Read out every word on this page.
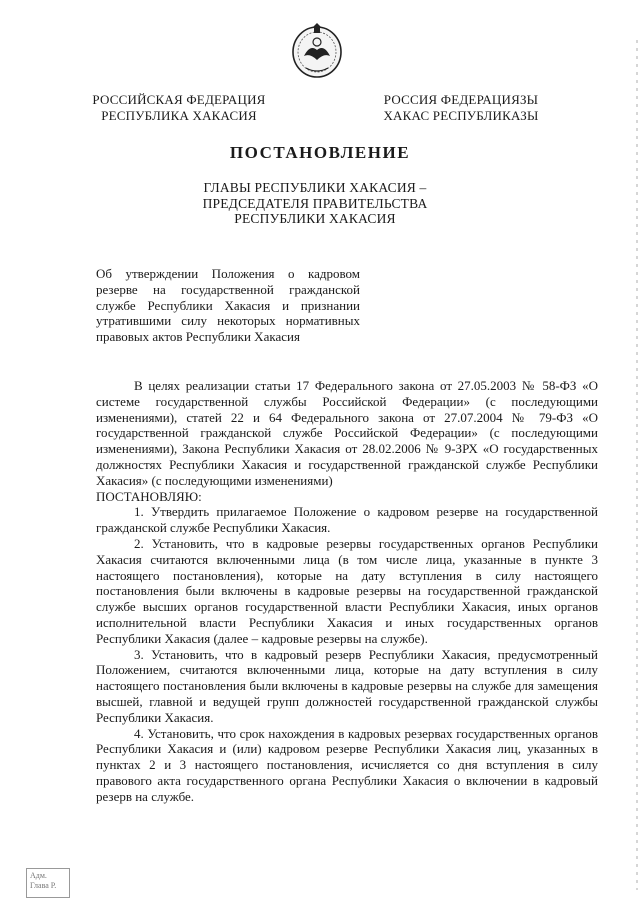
РОССИЙСКАЯ ФЕДЕРАЦИЯ
РЕСПУБЛИКА ХАКАСИЯ
РОССИЯ ФЕДЕРАЦИЯЗЫ
ХАКАС РЕСПУБЛИКАЗЫ
ПОСТАНОВЛЕНИЕ
ГЛАВЫ РЕСПУБЛИКИ ХАКАСИЯ –
ПРЕДСЕДАТЕЛЯ ПРАВИТЕЛЬСТВА
РЕСПУБЛИКИ ХАКАСИЯ
Об утверждении Положения о кадровом резерве на государственной гражданской службе Республики Хакасия и признании утратившими силу некоторых нормативных правовых актов Республики Хакасия

В целях реализации статьи 17 Федерального закона от 27.05.2003 № 58-ФЗ «О системе государственной службы Российской Федерации» (с последующими изменениями), статей 22 и 64 Федерального закона от 27.07.2004 № 79-ФЗ «О государственной гражданской службе Российской Федерации» (с последующими изменениями), Закона Республики Хакасия от 28.02.2006 № 9-ЗРХ «О государственных должностях Республики Хакасия и государственной гражданской службе Республики Хакасия» (с последующими изменениями)

ПОСТАНОВЛЯЮ:

1. Утвердить прилагаемое Положение о кадровом резерве на государственной гражданской службе Республики Хакасия.

2. Установить, что в кадровые резервы государственных органов Республики Хакасия считаются включенными лица (в том числе лица, указанные в пункте 3 настоящего постановления), которые на дату вступления в силу настоящего постановления были включены в кадровые резервы на государственной гражданской службе высших органов государственной власти Республики Хакасия, иных органов исполнительной власти Республики Хакасия и иных государственных органов Республики Хакасия (далее – кадровые резервы на службе).

3. Установить, что в кадровый резерв Республики Хакасия, предусмотренный Положением, считаются включенными лица, которые на дату вступления в силу настоящего постановления были включены в кадровые резервы на службе для замещения высшей, главной и ведущей групп должностей государственной гражданской службы Республики Хакасия.

4. Установить, что срок нахождения в кадровых резервах государственных органов Республики Хакасия и (или) кадровом резерве Республики Хакасия лиц, указанных в пунктах 2 и 3 настоящего постановления, исчисляется со дня вступления в силу правового акта государственного органа Республики Хакасия о включении в кадровый резерв на службе.

Адм.
Глава Р.
